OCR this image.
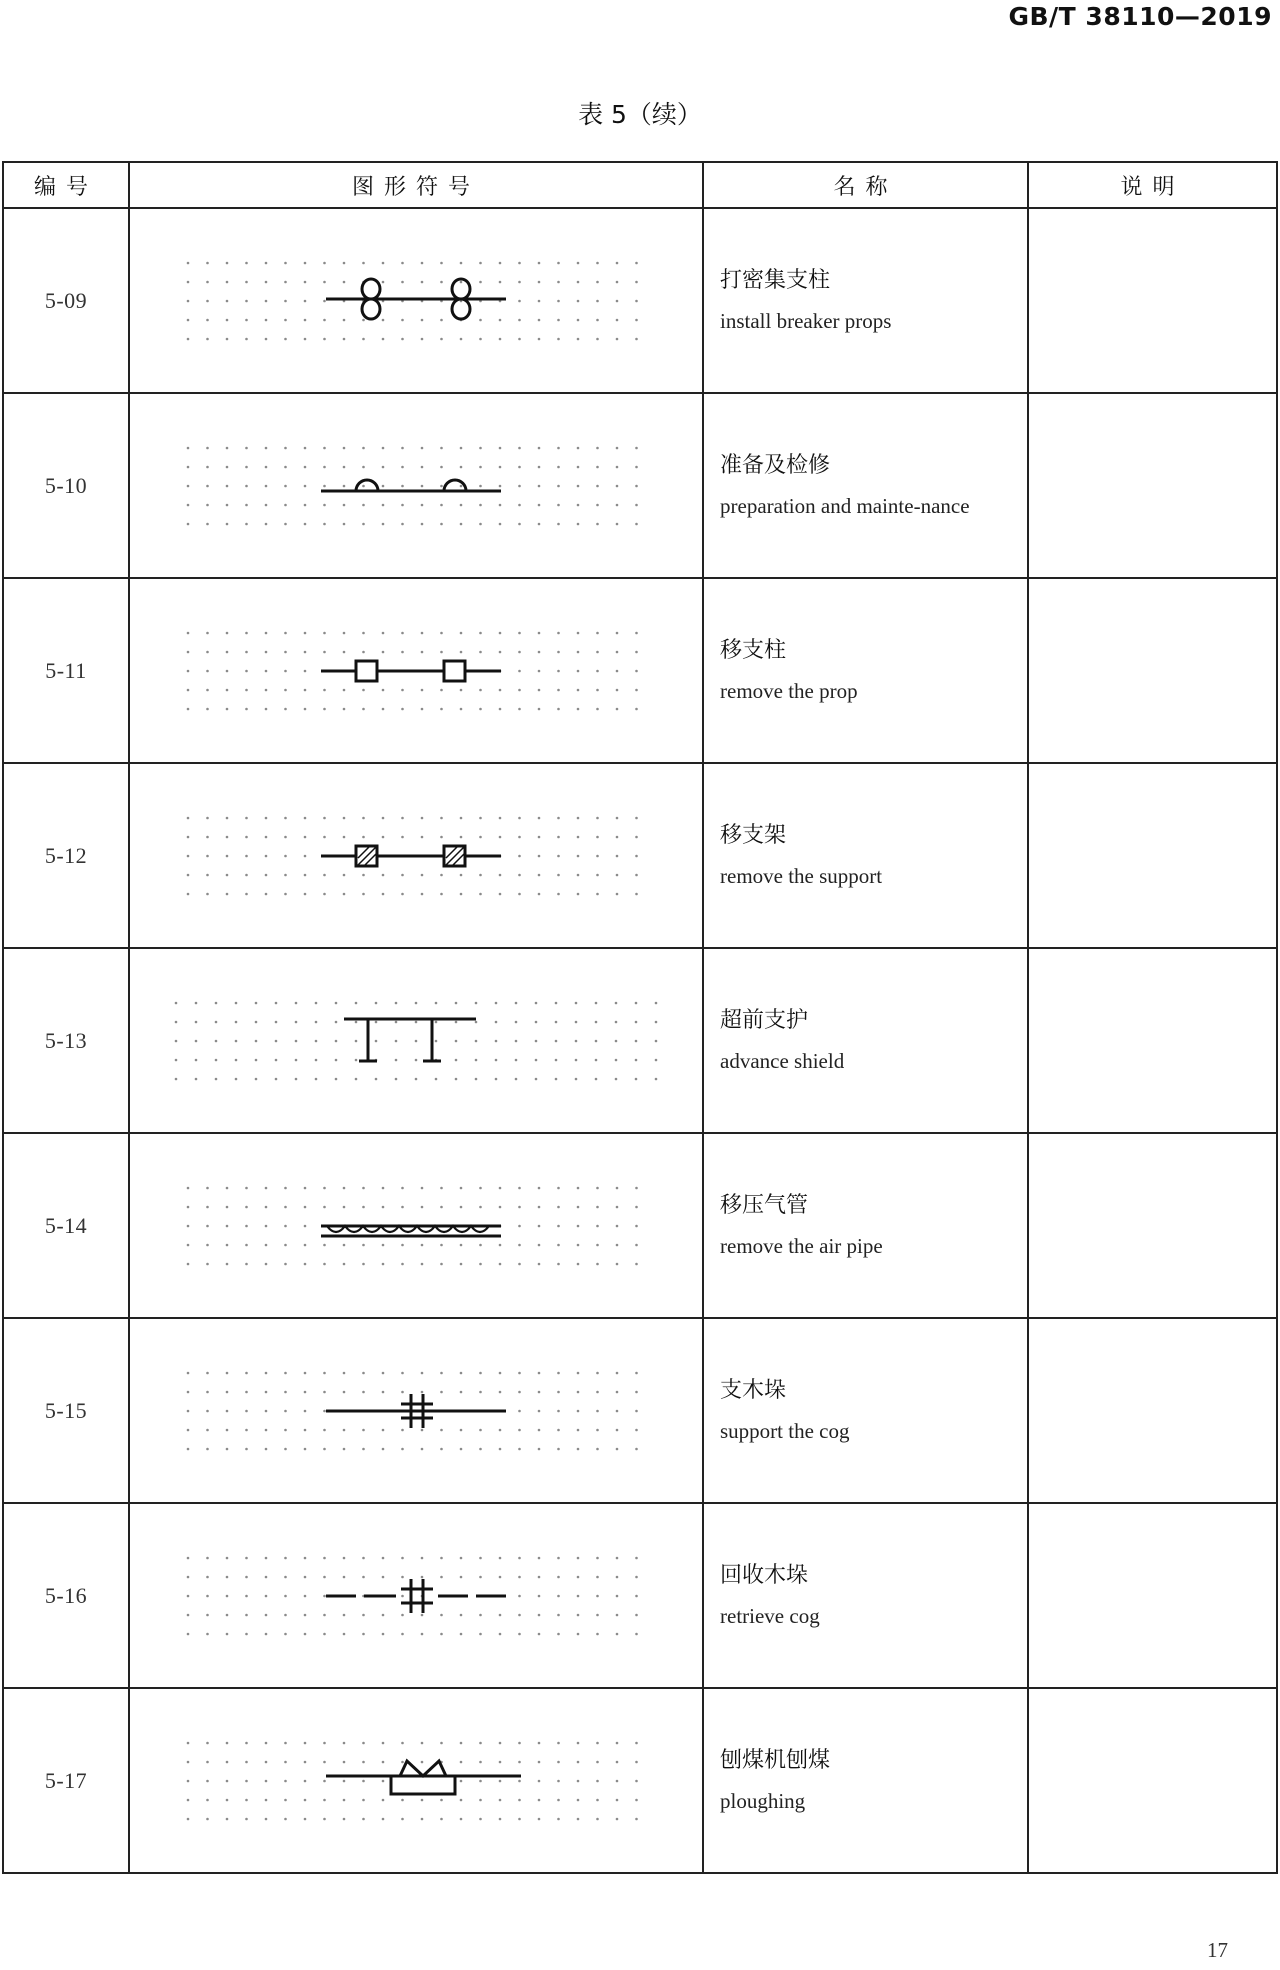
GB/T 38110—2019
表 5（续）
编号	图形符号	名称	说明
5-09		打密集支柱
install breaker props	

5-10		准备及检修
preparation and mainte-nance	

5-11		移支柱
remove the prop	

5-12		移支架
remove the support	

5-13		超前支护
advance shield	

5-14		移压气管
remove the air pipe	

5-15		支木垛
support the cog	

5-16		回收木垛
retrieve cog	

5-17		刨煤机刨煤
ploughing	

17
